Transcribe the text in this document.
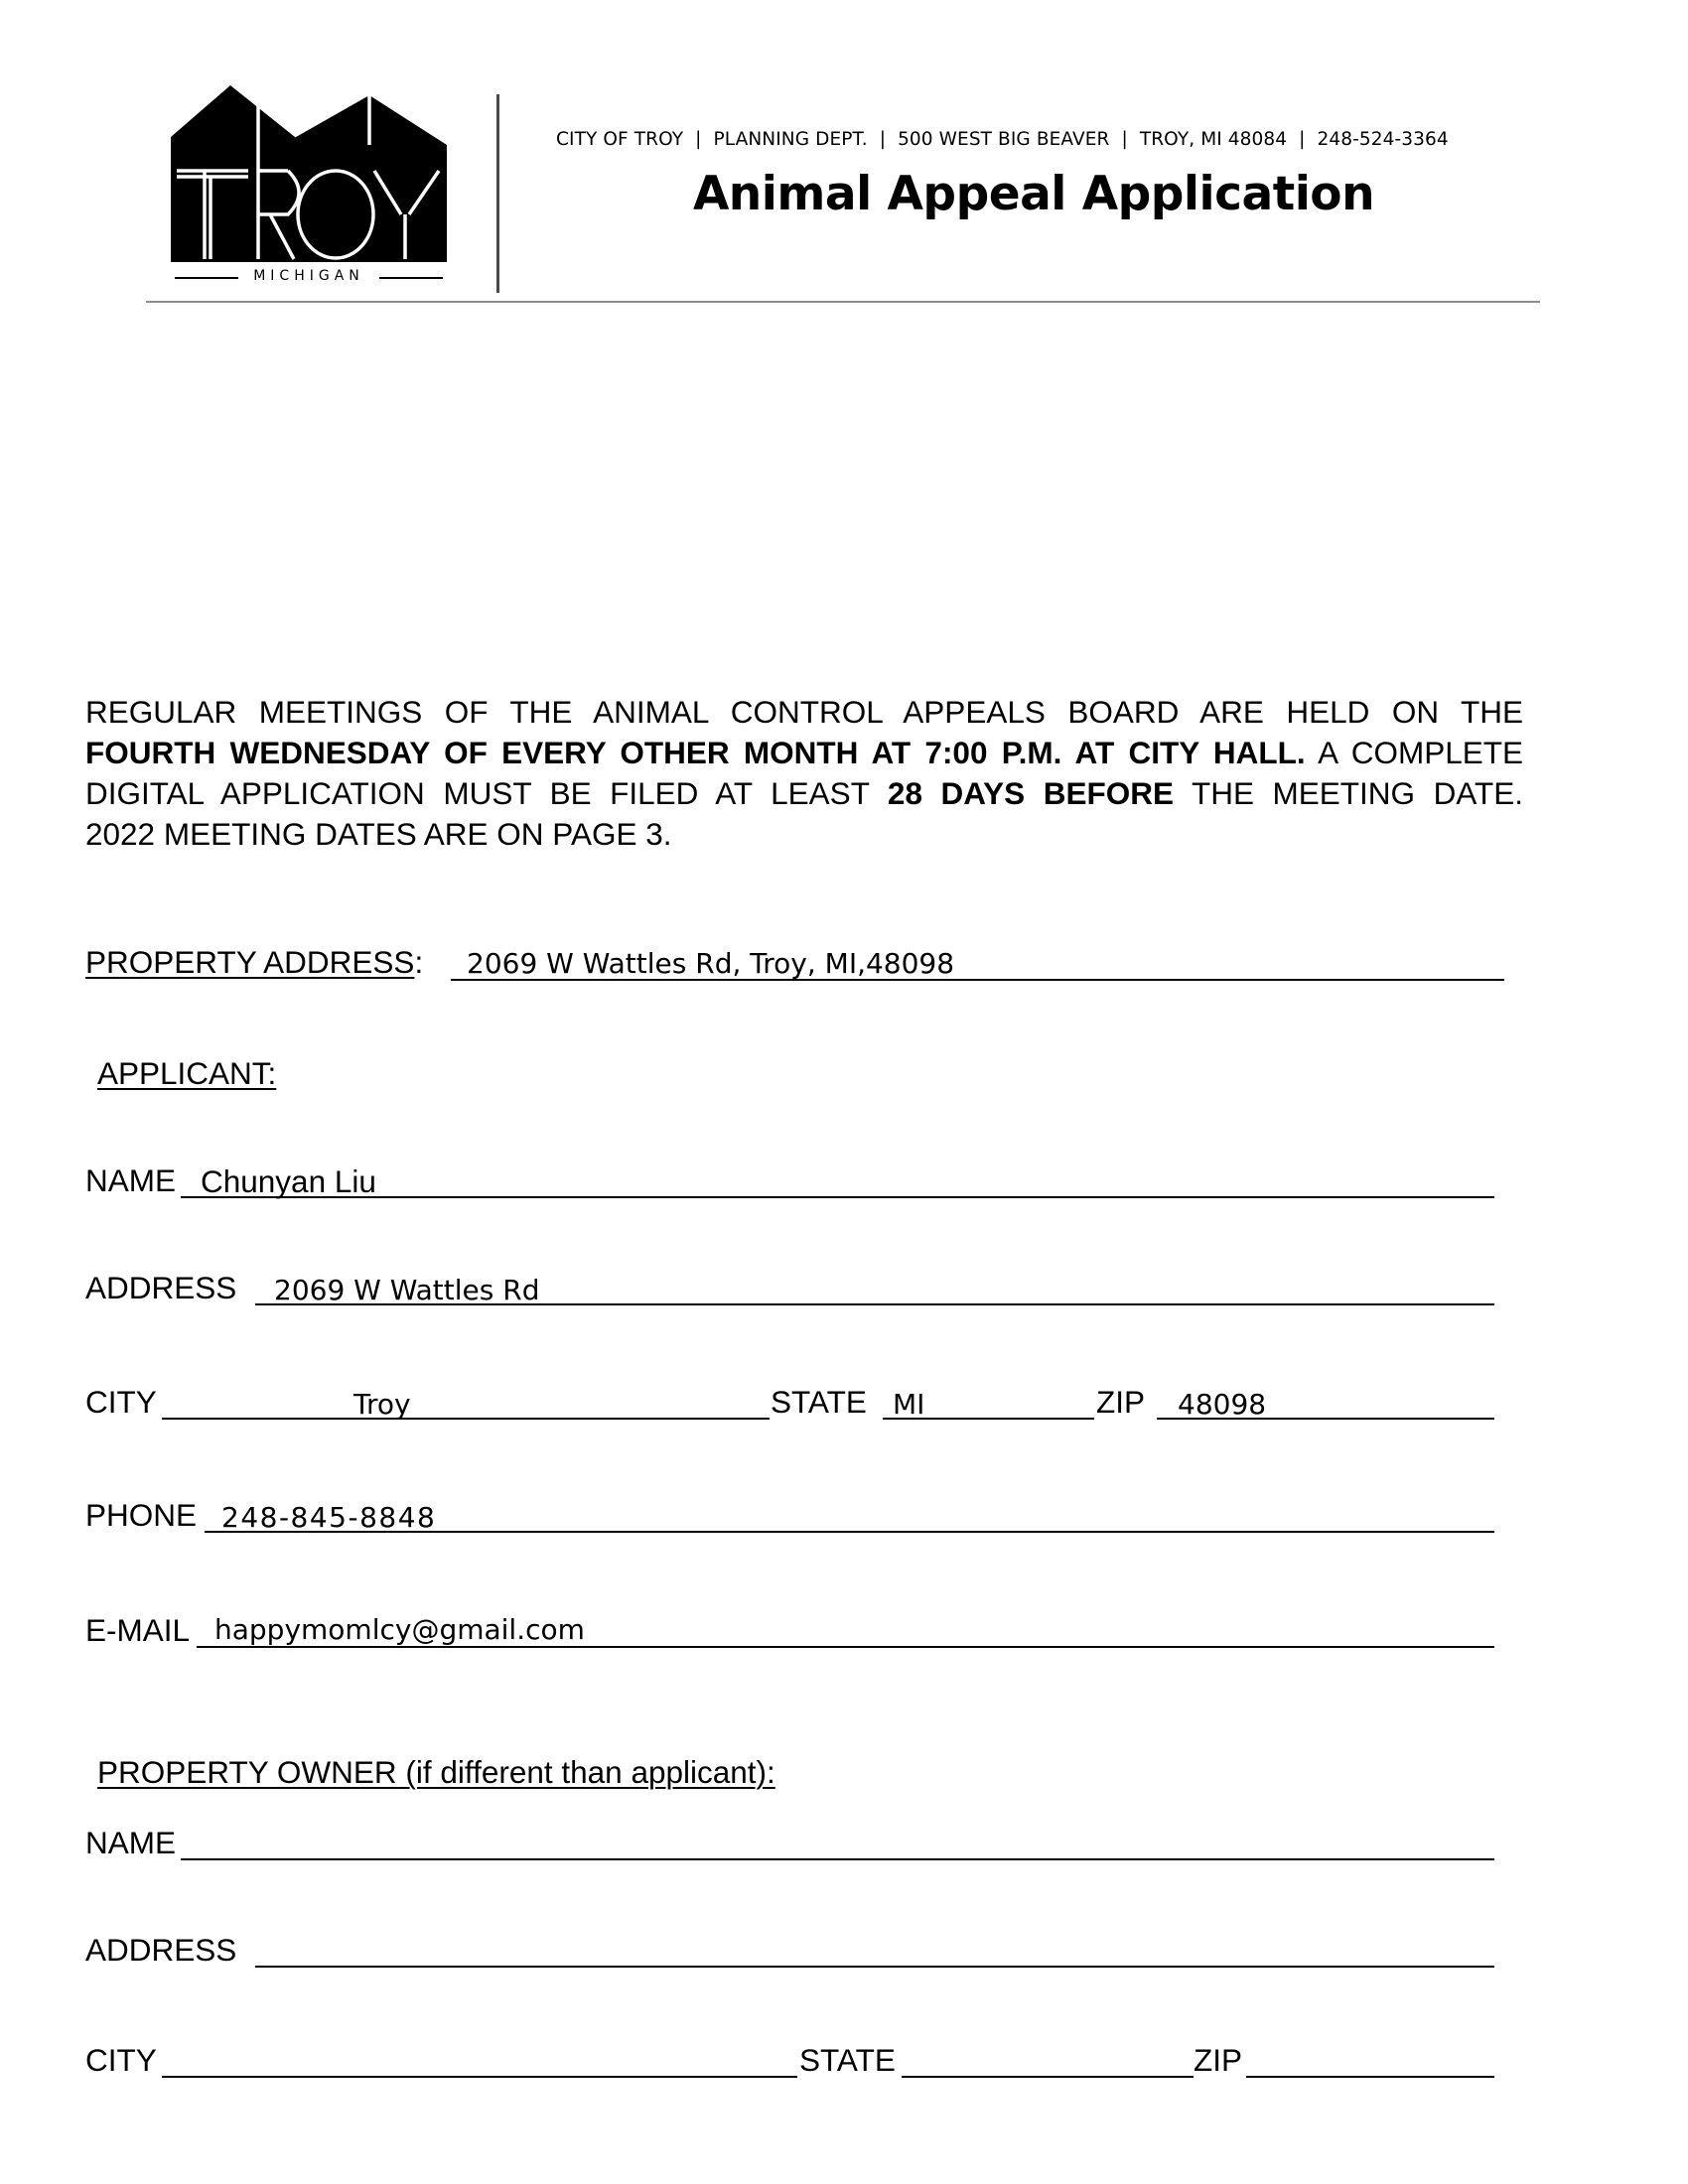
MICHIGAN
CITY OF TROY | PLANNING DEPT. | 500 WEST BIG BEAVER | TROY, MI 48084 | 248-524-3364
Animal Appeal Application

REGULAR MEETINGS OF THE ANIMAL CONTROL APPEALS BOARD ARE HELD ON THE

FOURTH WEDNESDAY OF EVERY OTHER MONTH AT 7:00 P.M. AT CITY HALL. A COMPLETE

DIGITAL APPLICATION MUST BE FILED AT LEAST 28 DAYS BEFORE THE MEETING DATE.

2022 MEETING DATES ARE ON PAGE 3.

PROPERTY ADDRESS: 2069 W Wattles Rd, Troy, MI,48098
APPLICANT:
NAME Chunyan Liu
ADDRESS 2069 W Wattles Rd
CITY	Troy	STATE MI	ZIP 48098
PHONE 248-845-8848
E-MAIL happymomlcy@gmail.com
PROPERTY OWNER (if different than applicant):
NAME
ADDRESS
CITY	STATE	ZIP
